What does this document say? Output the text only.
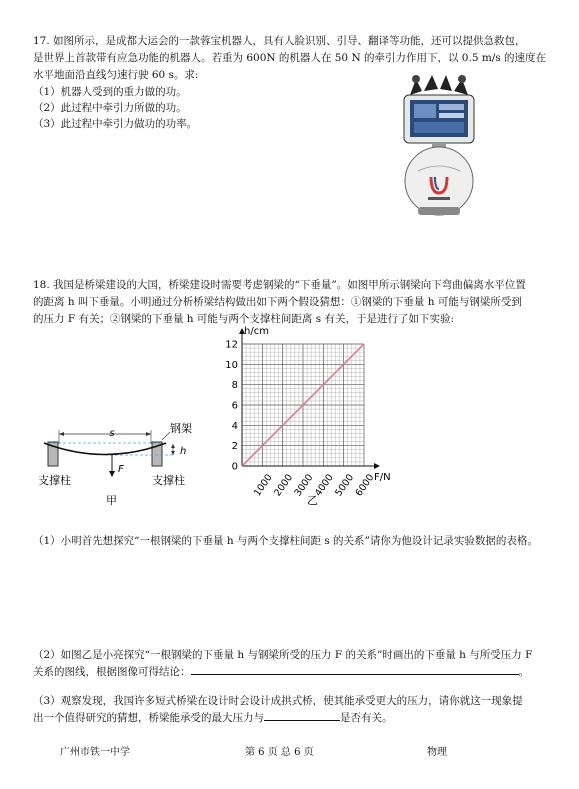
17. 如图所示，是成都大运会的一款蓉宝机器人，具有人脸识别、引导、翻译等功能，还可以提供急救包，
是世界上首款带有应急功能的机器人。若重为 600N 的机器人在 50 N 的牵引力作用下，以 0.5 m/s 的速度在
水平地面沿直线匀速行驶 60 s。求:
（1）机器人受到的重力做的功。
（2）此过程中牵引力所做的功。
（3）此过程中牵引力做功的功率。
18. 我国是桥梁建设的大国，桥梁建设时需要考虑钢梁的“下垂量”。如图甲所示钢梁向下弯曲偏离水平位置
的距离 h 叫下垂量。小明通过分析桥梁结构做出如下两个假设猜想：①钢梁的下垂量 h 可能与钢梁所受到
的压力 F 有关；②钢梁的下垂量 h 可能与两个支撑柱间距离 s 有关，于是进行了如下实验:
s
h
F
钢架
支撑柱	支撑柱
甲
0
2
4
6
8
10
12
1000
2000
3000
4000
5000
6000
h/cm
F/N
乙
（1）小明首先想探究“一根钢梁的下垂量 h 与两个支撑柱间距 s 的关系”请你为他设计记录实验数据的表格。
（2）如图乙是小亮探究“一根钢梁的下垂量 h 与钢梁所受的压力 F 的关系”时画出的下垂量 h 与所受压力 F
关系的图线，根据图像可得结论：	。
（3）观察发现，我国许多短式桥梁在设计时会设计成拱式桥，使其能承受更大的压力，请你就这一现象提
出一个值得研究的猜想，桥梁能承受的最大压力与	是否有关。
广州市铁一中学	第 6 页 总 6 页	物理
